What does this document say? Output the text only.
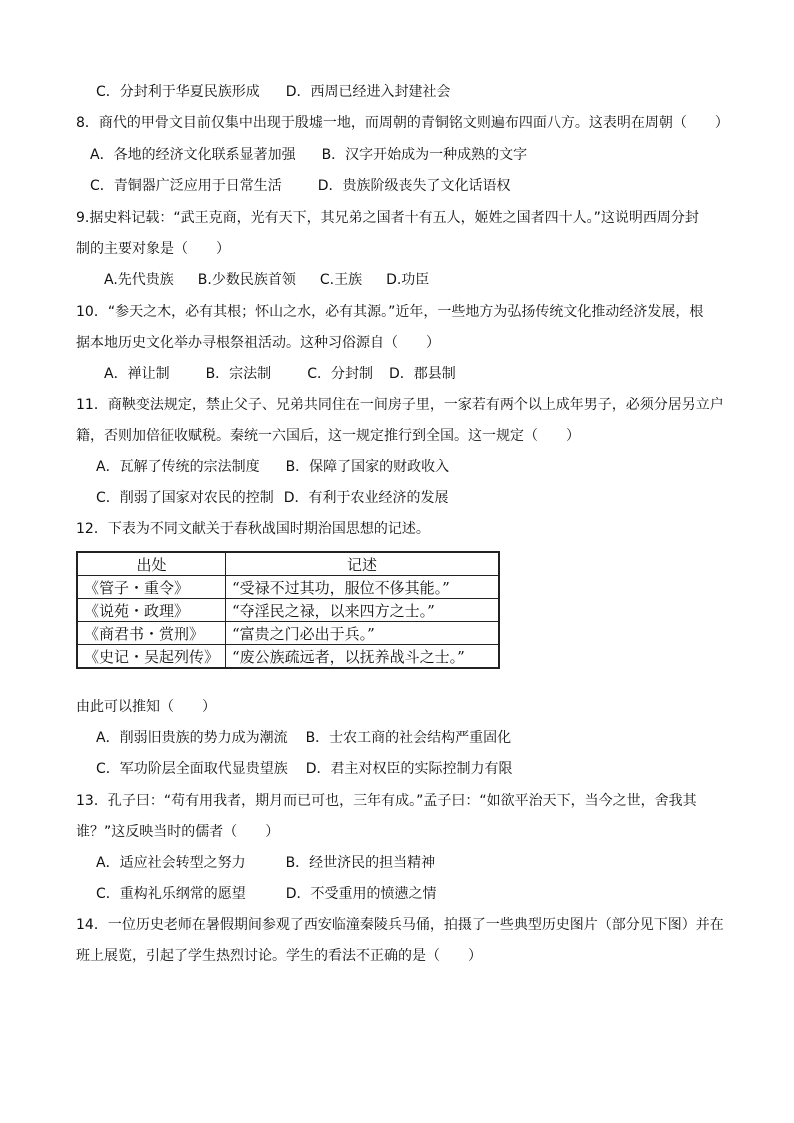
C．分封利于华夏民族形成 D．西周已经进入封建社会
8．商代的甲骨文目前仅集中出现于殷墟一地，而周朝的青铜铭文则遍布四面八方。这表明在周朝（　　）
A．各地的经济文化联系显著加强 B．汉字开始成为一种成熟的文字
C．青铜器广泛应用于日常生活	D．贵族阶级丧失了文化话语权
9.据史料记载：“武王克商，光有天下，其兄弟之国者十有五人，姬姓之国者四十人。”这说明西周分封
制的主要对象是（　　）
A.先代贵族 B.少数民族首领 C.王族 D.功臣
10．“参天之木，必有其根；怀山之水，必有其源。”近年，一些地方为弘扬传统文化推动经济发展，根
据本地历史文化举办寻根祭祖活动。这种习俗源自（　　）
A．禅让制	B．宗法制	C．分封制 D．郡县制
11．商鞅变法规定，禁止父子、兄弟共同住在一间房子里，一家若有两个以上成年男子，必须分居另立户
籍，否则加倍征收赋税。秦统一六国后，这一规定推行到全国。这一规定（　　）
A．瓦解了传统的宗法制度 B．保障了国家的财政收入
C．削弱了国家对农民的控制 D．有利于农业经济的发展
12．下表为不同文献关于春秋战国时期治国思想的记述。
出处	记述
《管子・重令》	“受禄不过其功，服位不侈其能。”
《说苑・政理》	“夺淫民之禄，以来四方之士。”
《商君书・赏刑》	“富贵之门必出于兵。”
《史记・吴起列传》	“废公族疏远者，以抚养战斗之士。”
由此可以推知（　　）
A．削弱旧贵族的势力成为潮流 B．士农工商的社会结构严重固化
C．军功阶层全面取代显贵望族 D．君主对权臣的实际控制力有限
13．孔子曰：“苟有用我者，期月而已可也，三年有成。”孟子曰：“如欲平治天下，当今之世，舍我其
谁？”这反映当时的儒者（　　）
A．适应社会转型之努力	B．经世济民的担当精神
C．重构礼乐纲常的愿望	D．不受重用的愤懑之情
14．一位历史老师在暑假期间参观了西安临潼秦陵兵马俑，拍摄了一些典型历史图片（部分见下图）并在
班上展览，引起了学生热烈讨论。学生的看法不正确的是（　　）
